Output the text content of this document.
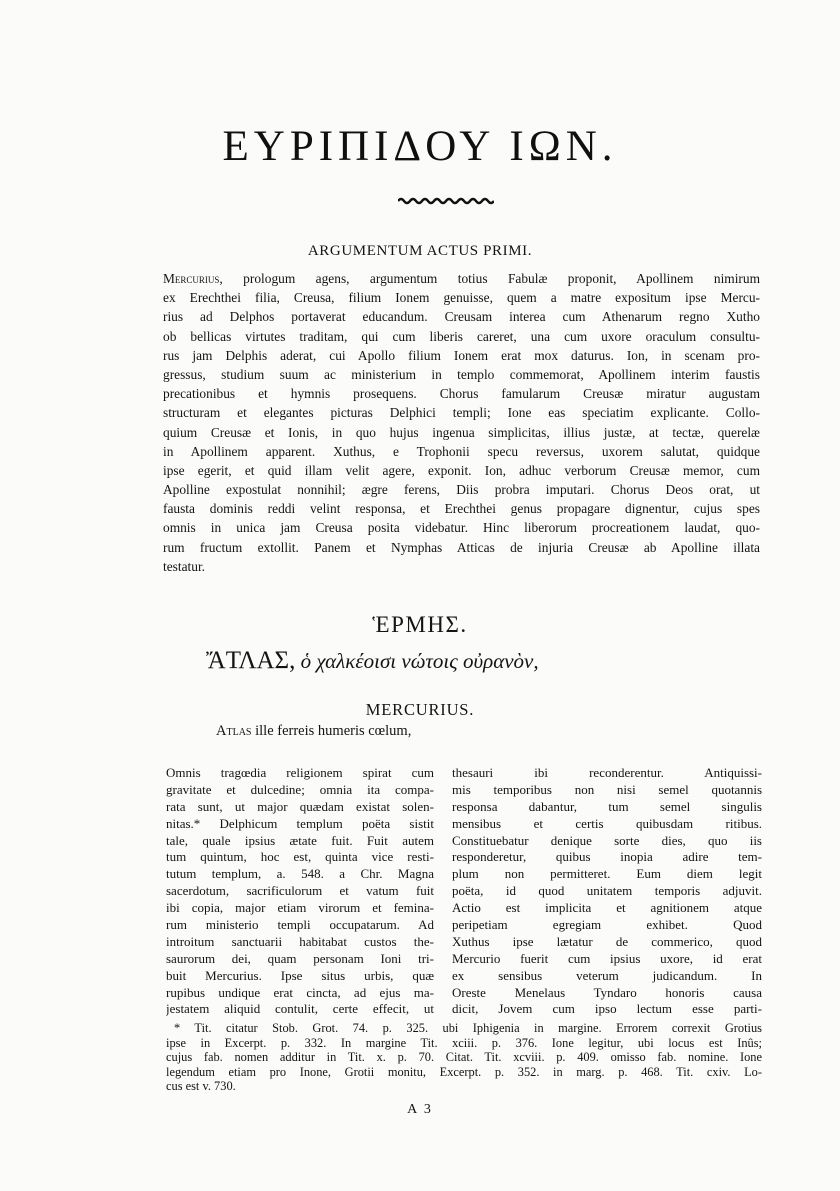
ΕΥΡΙΠΙΔΟΥ ΙΩΝ.
ARGUMENTUM ACTUS PRIMI.
Mercurius, prologum agens, argumentum totius Fabulæ proponit, Apollinem nimirum
ex Erechthei filia, Creusa, filium Ionem genuisse, quem a matre expositum ipse Mercu-
rius ad Delphos portaverat educandum. Creusam interea cum Athenarum regno Xutho
ob bellicas virtutes traditam, qui cum liberis careret, una cum uxore oraculum consultu-
rus jam Delphis aderat, cui Apollo filium Ionem erat mox daturus. Ion, in scenam pro-
gressus, studium suum ac ministerium in templo commemorat, Apollinem interim faustis
precationibus et hymnis prosequens. Chorus famularum Creusæ miratur augustam
structuram et elegantes picturas Delphici templi; Ione eas speciatim explicante. Collo-
quium Creusæ et Ionis, in quo hujus ingenua simplicitas, illius justæ, at tectæ, querelæ
in Apollinem apparent. Xuthus, e Trophonii specu reversus, uxorem salutat, quidque
ipse egerit, et quid illam velit agere, exponit. Ion, adhuc verborum Creusæ memor, cum
Apolline expostulat nonnihil; ægre ferens, Diis probra imputari. Chorus Deos orat, ut
fausta dominis reddi velint responsa, et Erechthei genus propagare dignentur, cujus spes
omnis in unica jam Creusa posita videbatur. Hinc liberorum procreationem laudat, quo-
rum fructum extollit. Panem et Nymphas Atticas de injuria Creusæ ab Apolline illata
testatur.
ἙΡΜΗΣ.
ἌΤΛΑΣ, ὁ χαλκέοισι νώτοις οὐρανὸν,
MERCURIUS.
Atlas ille ferreis humeris cœlum,
Omnis tragœdia religionem spirat cum
gravitate et dulcedine; omnia ita compa-
rata sunt, ut major quædam existat solen-
nitas.* Delphicum templum poëta sistit
tale, quale ipsius ætate fuit. Fuit autem
tum quintum, hoc est, quinta vice resti-
tutum templum, a. 548. a Chr. Magna
sacerdotum, sacrificulorum et vatum fuit
ibi copia, major etiam virorum et femina-
rum ministerio templi occupatarum. Ad
introitum sanctuarii habitabat custos the-
saurorum dei, quam personam Ioni tri-
buit Mercurius. Ipse situs urbis, quæ
rupibus undique erat cincta, ad ejus ma-
jestatem aliquid contulit, certe effecit, ut
thesauri ibi reconderentur. Antiquissi-
mis temporibus non nisi semel quotannis
responsa dabantur, tum semel singulis
mensibus et certis quibusdam ritibus.
Constituebatur denique sorte dies, quo iis
responderetur, quibus inopia adire tem-
plum non permitteret. Eum diem legit
poëta, id quod unitatem temporis adjuvit.
Actio est implicita et agnitionem atque
peripetiam egregiam exhibet. Quod
Xuthus ipse lætatur de commerico, quod
Mercurio fuerit cum ipsius uxore, id erat
ex sensibus veterum judicandum. In
Oreste Menelaus Tyndaro honoris causa
dicit, Jovem cum ipso lectum esse parti-
* Tit. citatur Stob. Grot. 74. p. 325. ubi Iphigenia in margine. Errorem correxit Grotius
ipse in Excerpt. p. 332. In margine Tit. xciii. p. 376. Ione legitur, ubi locus est Inûs;
cujus fab. nomen additur in Tit. x. p. 70. Citat. Tit. xcviii. p. 409. omisso fab. nomine. Ione
legendum etiam pro Inone, Grotii monitu, Excerpt. p. 352. in marg. p. 468. Tit. cxiv. Lo-
cus est v. 730.
A 3
